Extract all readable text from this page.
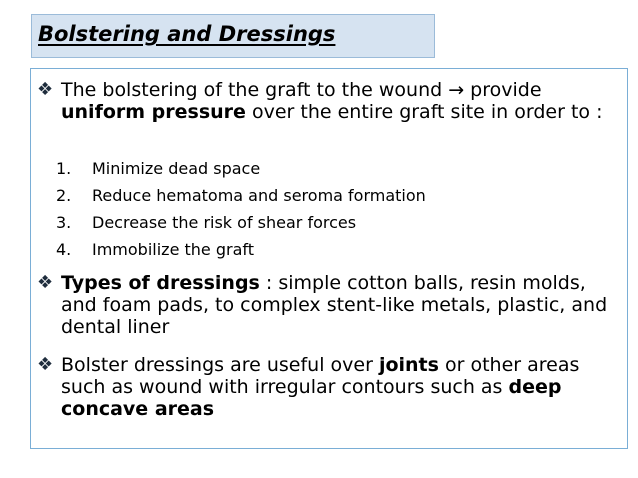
Bolstering and Dressings
❖ The bolstering of the graft to the wound → provide uniform pressure over the entire graft site in order to :
1. Minimize dead space
2. Reduce hematoma and seroma formation
3. Decrease the risk of shear forces
4. Immobilize the graft
❖ Types of dressings : simple cotton balls, resin molds, and foam pads, to complex stent-like metals, plastic, and dental liner
❖ Bolster dressings are useful over joints or other areas such as wound with irregular contours such as deep concave areas
